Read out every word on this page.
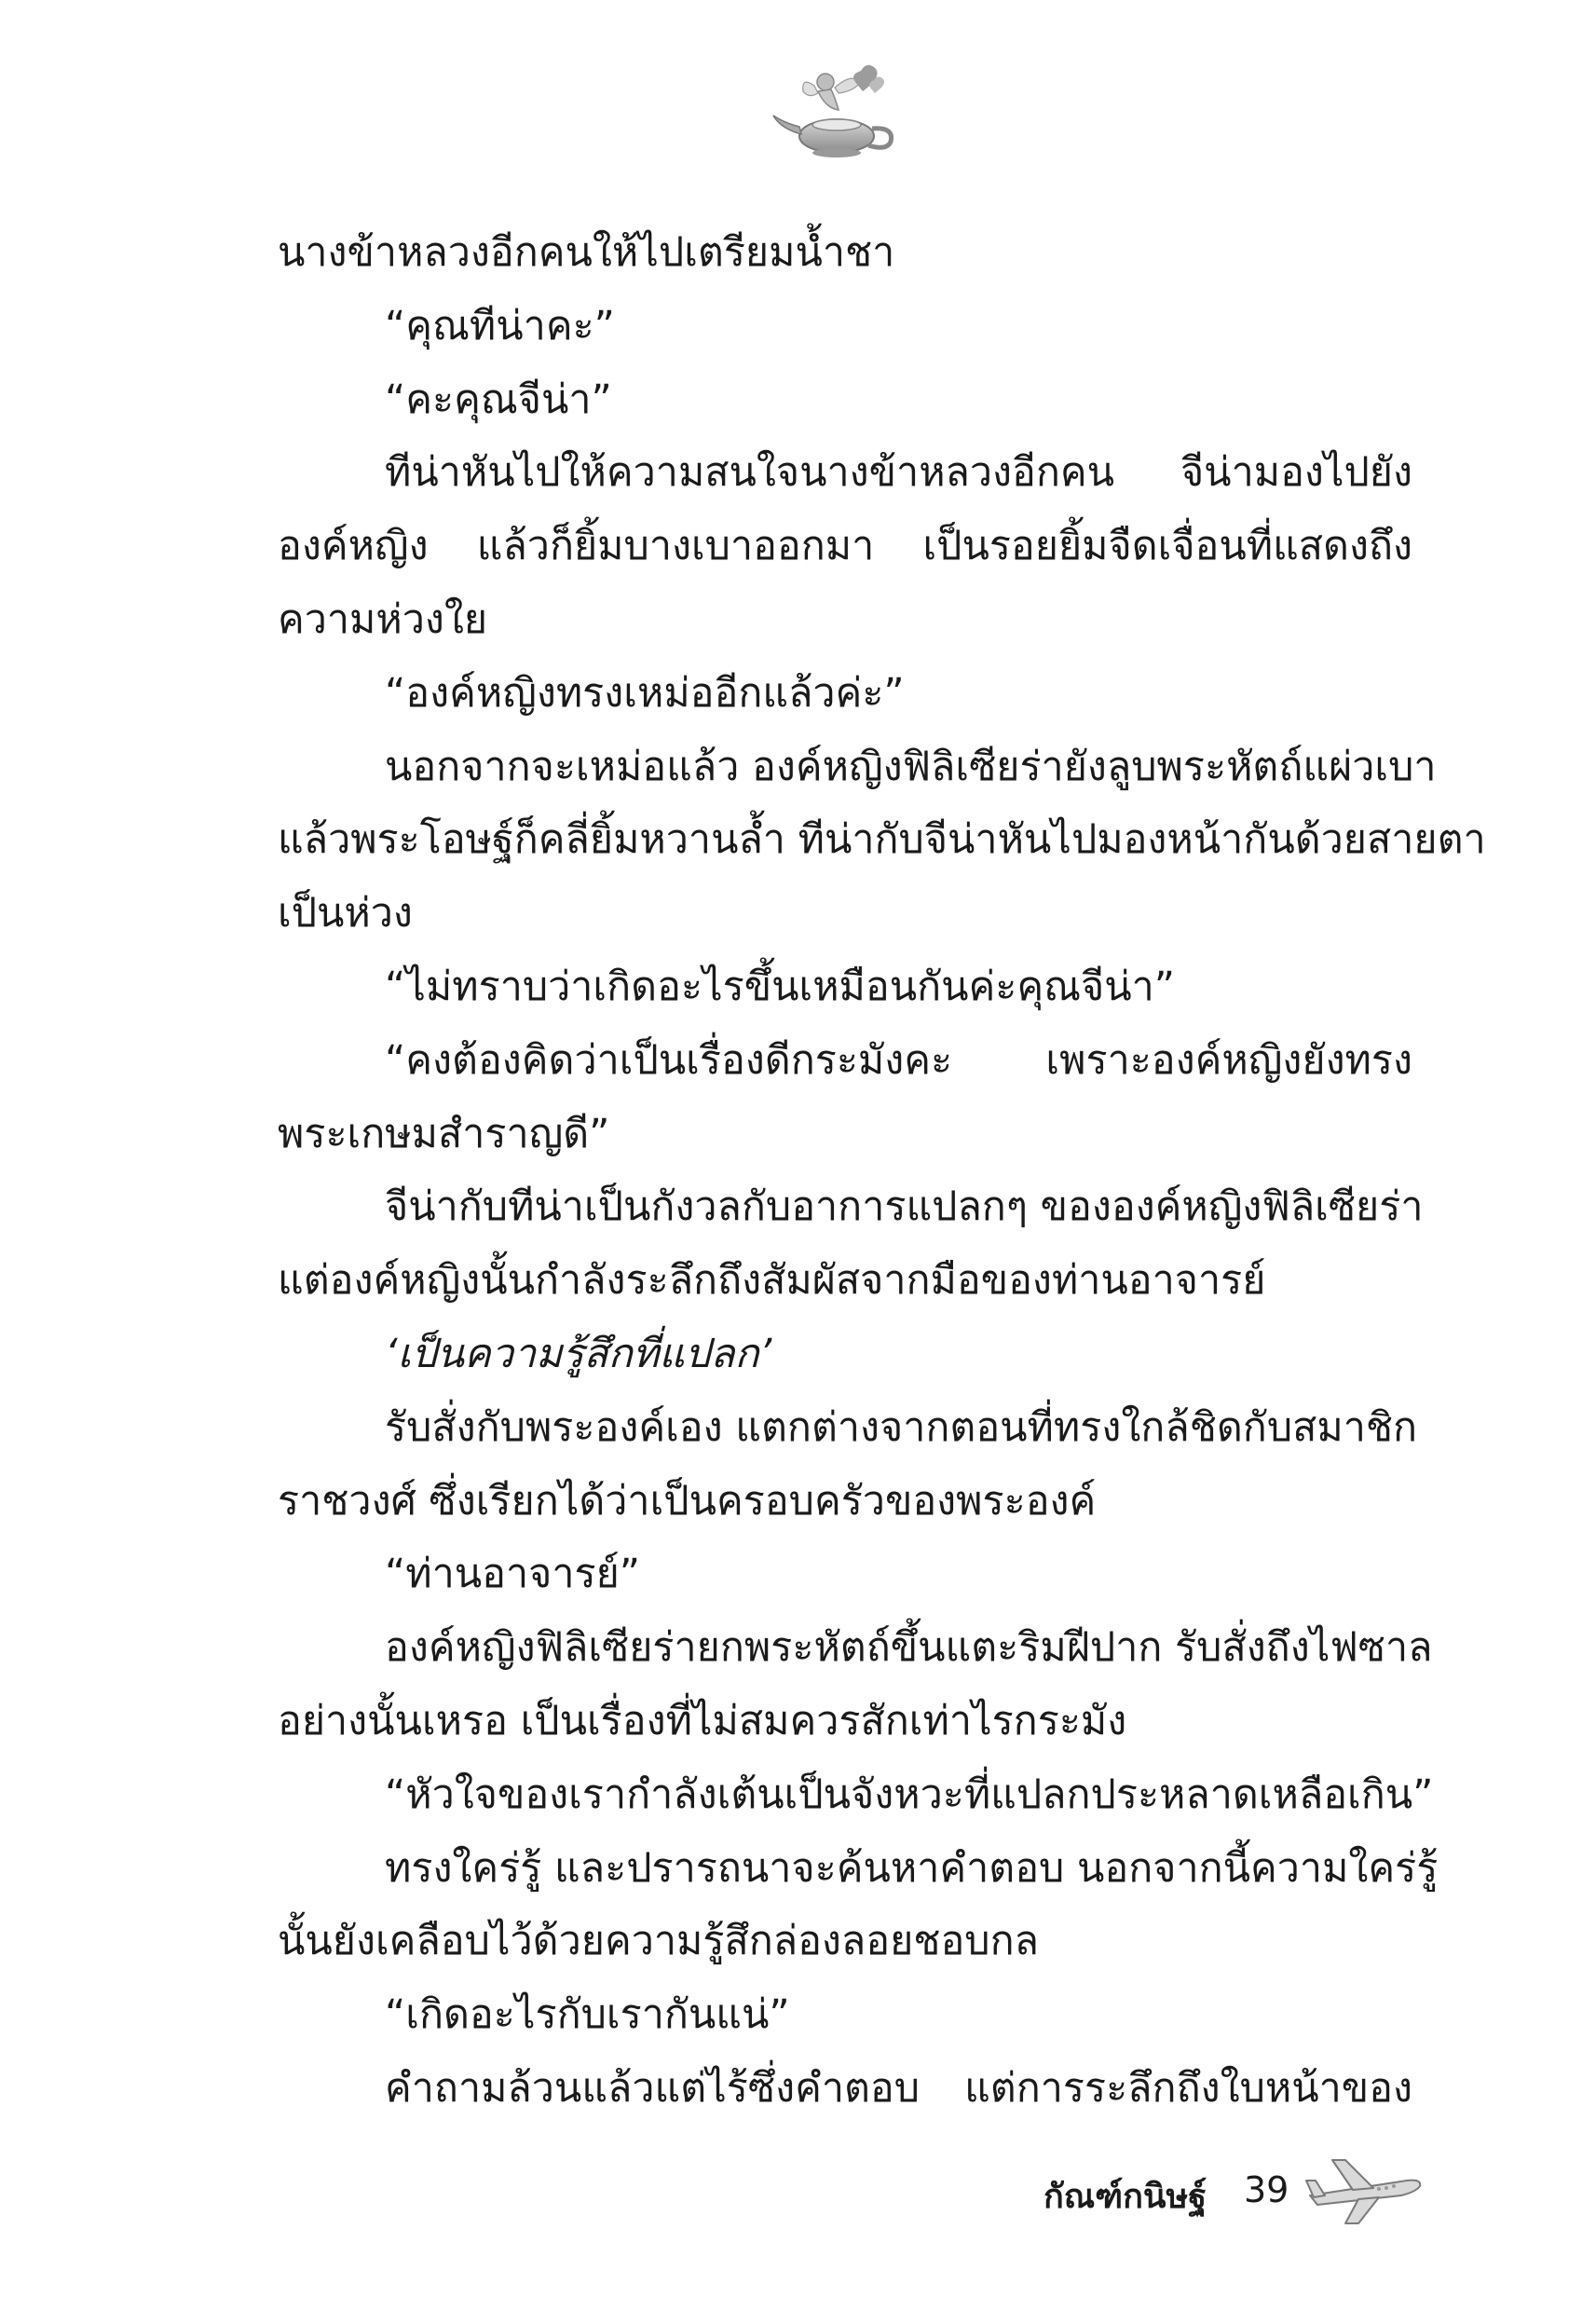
นางข้าหลวงอีกคนให้ไปเตรียมน้ำชา
“คุณทีน่าคะ”
“คะคุณจีน่า”
ทีน่าหันไปให้ความสนใจนางข้าหลวงอีกคน จีน่ามองไปยัง
องค์หญิง แล้วก็ยิ้มบางเบาออกมา เป็นรอยยิ้มจืดเจื่อนที่แสดงถึง
ความห่วงใย
“องค์หญิงทรงเหม่ออีกแล้วค่ะ”
นอกจากจะเหม่อแล้ว องค์หญิงฟิลิเซียร่ายังลูบพระหัตถ์แผ่วเบา
แล้วพระโอษฐ์ก็คลี่ยิ้มหวานล้ำ ทีน่ากับจีน่าหันไปมองหน้ากันด้วยสายตา
เป็นห่วง
“ไม่ทราบว่าเกิดอะไรขึ้นเหมือนกันค่ะคุณจีน่า”
“คงต้องคิดว่าเป็นเรื่องดีกระมังคะ เพราะองค์หญิงยังทรง
พระเกษมสำราญดี”
จีน่ากับทีน่าเป็นกังวลกับอาการแปลกๆ ขององค์หญิงฟิลิเซียร่า
แต่องค์หญิงนั้นกำลังระลึกถึงสัมผัสจากมือของท่านอาจารย์
‘เป็นความรู้สึกที่แปลก’
รับสั่งกับพระองค์เอง แตกต่างจากตอนที่ทรงใกล้ชิดกับสมาชิก
ราชวงศ์ ซึ่งเรียกได้ว่าเป็นครอบครัวของพระองค์
“ท่านอาจารย์”
องค์หญิงฟิลิเซียร่ายกพระหัตถ์ขึ้นแตะริมฝีปาก รับสั่งถึงไฟซาล
อย่างนั้นเหรอ เป็นเรื่องที่ไม่สมควรสักเท่าไรกระมัง
“หัวใจของเรากำลังเต้นเป็นจังหวะที่แปลกประหลาดเหลือเกิน”
ทรงใคร่รู้ และปรารถนาจะค้นหาคำตอบ นอกจากนี้ความใคร่รู้
นั้นยังเคลือบไว้ด้วยความรู้สึกล่องลอยชอบกล
“เกิดอะไรกับเรากันแน่”
คำถามล้วนแล้วแต่ไร้ซึ่งคำตอบ แต่การระลึกถึงใบหน้าของ
กัณฑ์กนิษฐ์ 39
